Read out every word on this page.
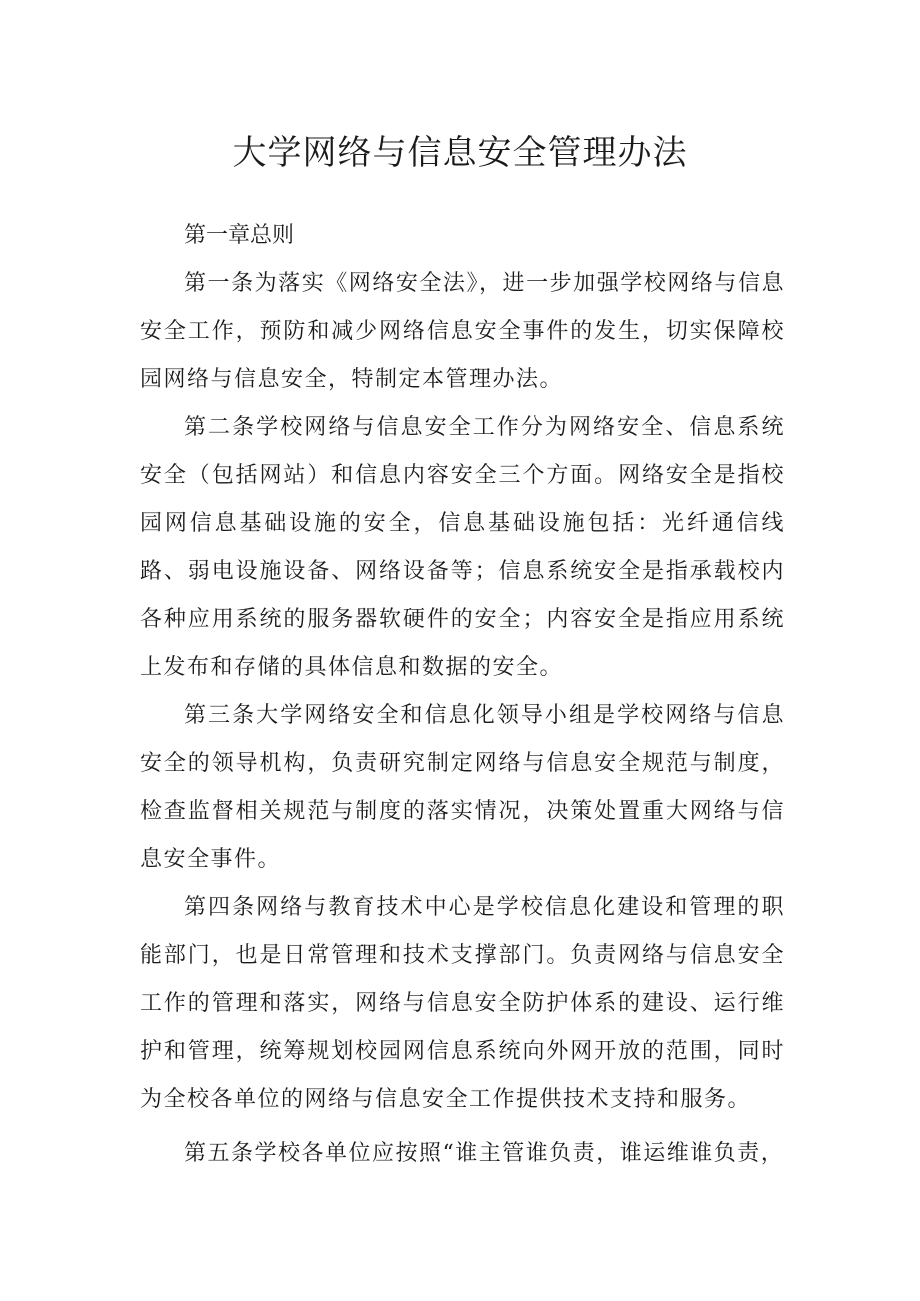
大学网络与信息安全管理办法

第一章总则

第一条为落实《网络安全法》，进一步加强学校网络与信息安全工作，预防和减少网络信息安全事件的发生，切实保障校园网络与信息安全，特制定本管理办法。

第二条学校网络与信息安全工作分为网络安全、信息系统安全（包括网站）和信息内容安全三个方面。网络安全是指校园网信息基础设施的安全，信息基础设施包括：光纤通信线路、弱电设施设备、网络设备等；信息系统安全是指承载校内各种应用系统的服务器软硬件的安全；内容安全是指应用系统上发布和存储的具体信息和数据的安全。

第三条大学网络安全和信息化领导小组是学校网络与信息安全的领导机构，负责研究制定网络与信息安全规范与制度，检查监督相关规范与制度的落实情况，决策处置重大网络与信息安全事件。

第四条网络与教育技术中心是学校信息化建设和管理的职能部门，也是日常管理和技术支撑部门。负责网络与信息安全工作的管理和落实，网络与信息安全防护体系的建设、运行维护和管理，统筹规划校园网信息系统向外网开放的范围，同时为全校各单位的网络与信息安全工作提供技术支持和服务。

第五条学校各单位应按照“谁主管谁负责，谁运维谁负责，
